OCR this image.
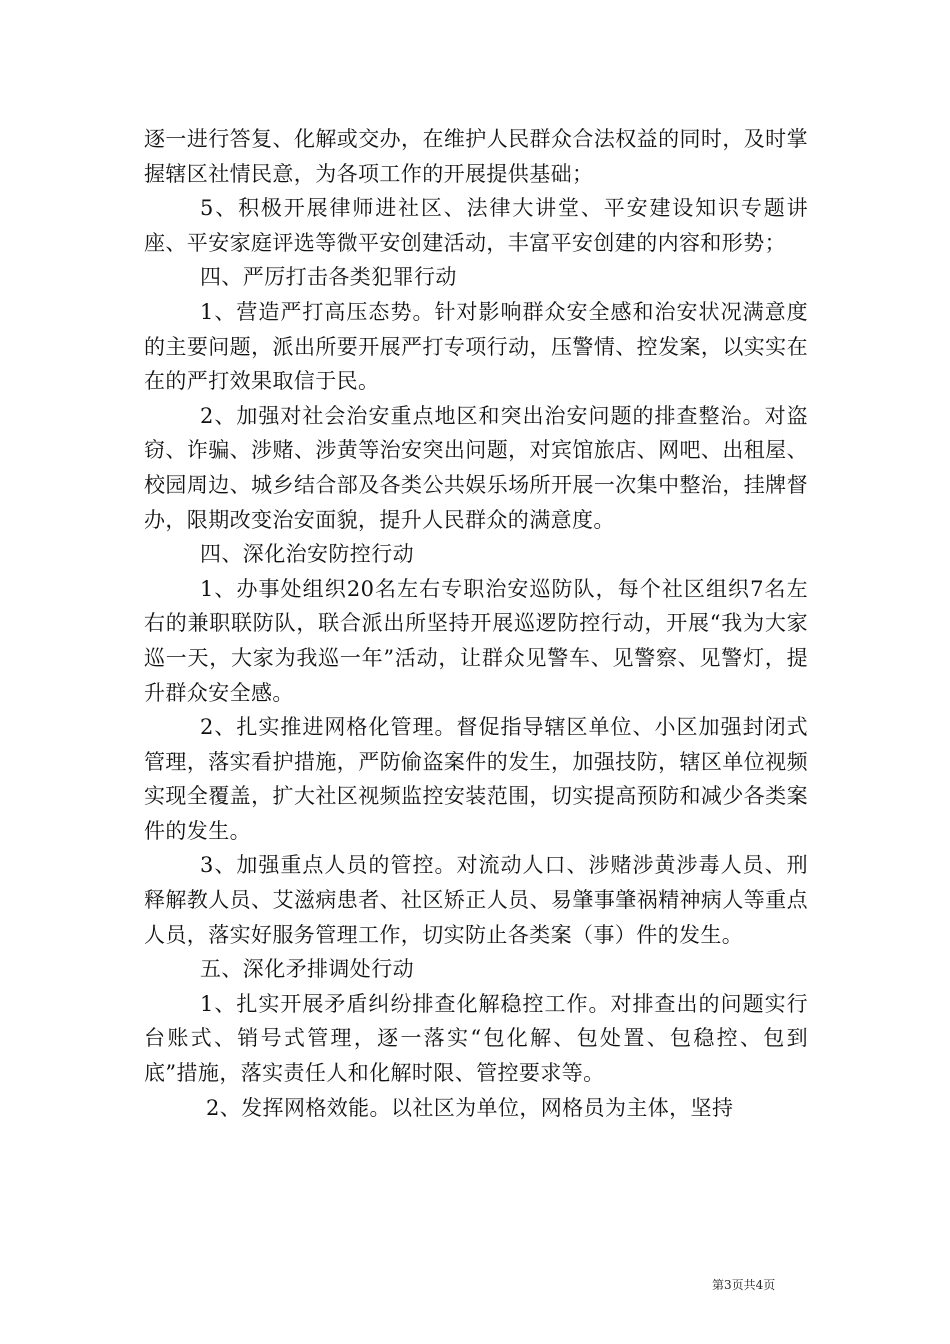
逐一进行答复、化解或交办，在维护人民群众合法权益的同时，及时掌握辖区社情民意，为各项工作的开展提供基础；

5、积极开展律师进社区、法律大讲堂、平安建设知识专题讲座、平安家庭评选等微平安创建活动，丰富平安创建的内容和形势；

四、严厉打击各类犯罪行动

1、营造严打高压态势。针对影响群众安全感和治安状况满意度的主要问题，派出所要开展严打专项行动，压警情、控发案，以实实在在的严打效果取信于民。

2、加强对社会治安重点地区和突出治安问题的排查整治。对盗窃、诈骗、涉赌、涉黄等治安突出问题，对宾馆旅店、网吧、出租屋、校园周边、城乡结合部及各类公共娱乐场所开展一次集中整治，挂牌督办，限期改变治安面貌，提升人民群众的满意度。

四、深化治安防控行动

1、办事处组织20名左右专职治安巡防队，每个社区组织7名左右的兼职联防队，联合派出所坚持开展巡逻防控行动，开展“我为大家巡一天，大家为我巡一年”活动，让群众见警车、见警察、见警灯，提升群众安全感。

2、扎实推进网格化管理。督促指导辖区单位、小区加强封闭式管理，落实看护措施，严防偷盗案件的发生，加强技防，辖区单位视频实现全覆盖，扩大社区视频监控安装范围，切实提高预防和减少各类案件的发生。

3、加强重点人员的管控。对流动人口、涉赌涉黄涉毒人员、刑释解教人员、艾滋病患者、社区矫正人员、易肇事肇祸精神病人等重点人员，落实好服务管理工作，切实防止各类案（事）件的发生。

五、深化矛排调处行动

1、扎实开展矛盾纠纷排查化解稳控工作。对排查出的问题实行台账式、销号式管理，逐一落实“包化解、包处置、包稳控、包到底”措施，落实责任人和化解时限、管控要求等。

2、发挥网格效能。以社区为单位，网格员为主体，坚持

第3页共4页
